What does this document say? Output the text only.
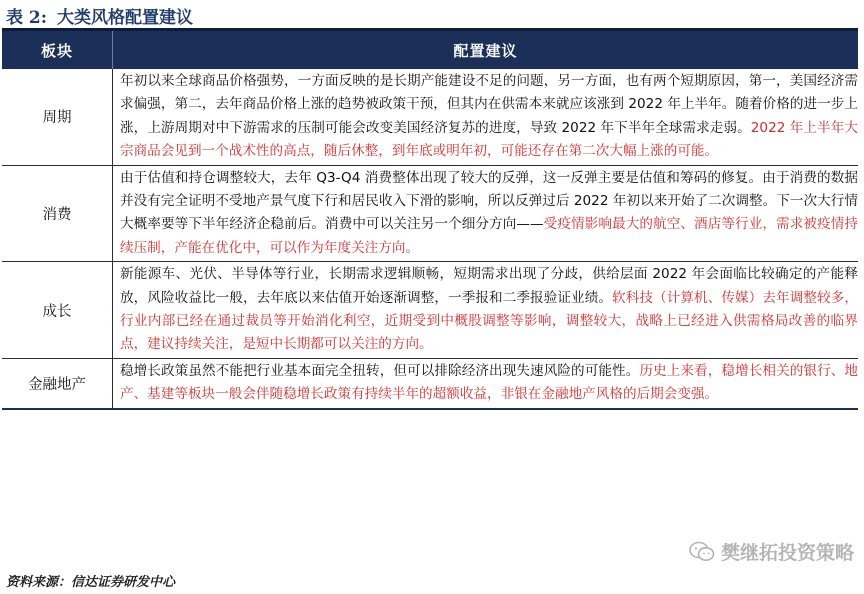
表 2: 大类风格配置建议
板块	配置建议
周期	年初以来全球商品价格强势，一方面反映的是长期产能建设不足的问题，另一方面，也有两个短期原因，第一，美国经济需求偏强，第二，去年商品价格上涨的趋势被政策干预，但其内在供需本来就应该涨到 2022 年上半年。随着价格的进一步上涨，上游周期对中下游需求的压制可能会改变美国经济复苏的进度，导致 2022 年下半年全球需求走弱。2022 年上半年大宗商品会见到一个战术性的高点，随后休整，到年底或明年初，可能还存在第二次大幅上涨的可能。
消费	由于估值和持仓调整较大，去年 Q3-Q4 消费整体出现了较大的反弹，这一反弹主要是估值和筹码的修复。由于消费的数据并没有完全证明不受地产景气度下行和居民收入下滑的影响，所以反弹过后 2022 年初以来开始了二次调整。下一次大行情大概率要等下半年经济企稳前后。消费中可以关注另一个细分方向——受疫情影响最大的航空、酒店等行业，需求被疫情持续压制，产能在优化中，可以作为年度关注方向。
成长	新能源车、光伏、半导体等行业，长期需求逻辑顺畅，短期需求出现了分歧，供给层面 2022 年会面临比较确定的产能释放，风险收益比一般，去年底以来估值开始逐渐调整，一季报和二季报验证业绩。软科技（计算机、传媒）去年调整较多，行业内部已经在通过裁员等开始消化利空，近期受到中概股调整等影响，调整较大，战略上已经进入供需格局改善的临界点，建议持续关注，是短中长期都可以关注的方向。
金融地产	稳增长政策虽然不能把行业基本面完全扭转，但可以排除经济出现失速风险的可能性。历史上来看，稳增长相关的银行、地产、基建等板块一般会伴随稳增长政策有持续半年的超额收益，非银在金融地产风格的后期会变强。
樊继拓投资策略
资料来源：信达证券研发中心
